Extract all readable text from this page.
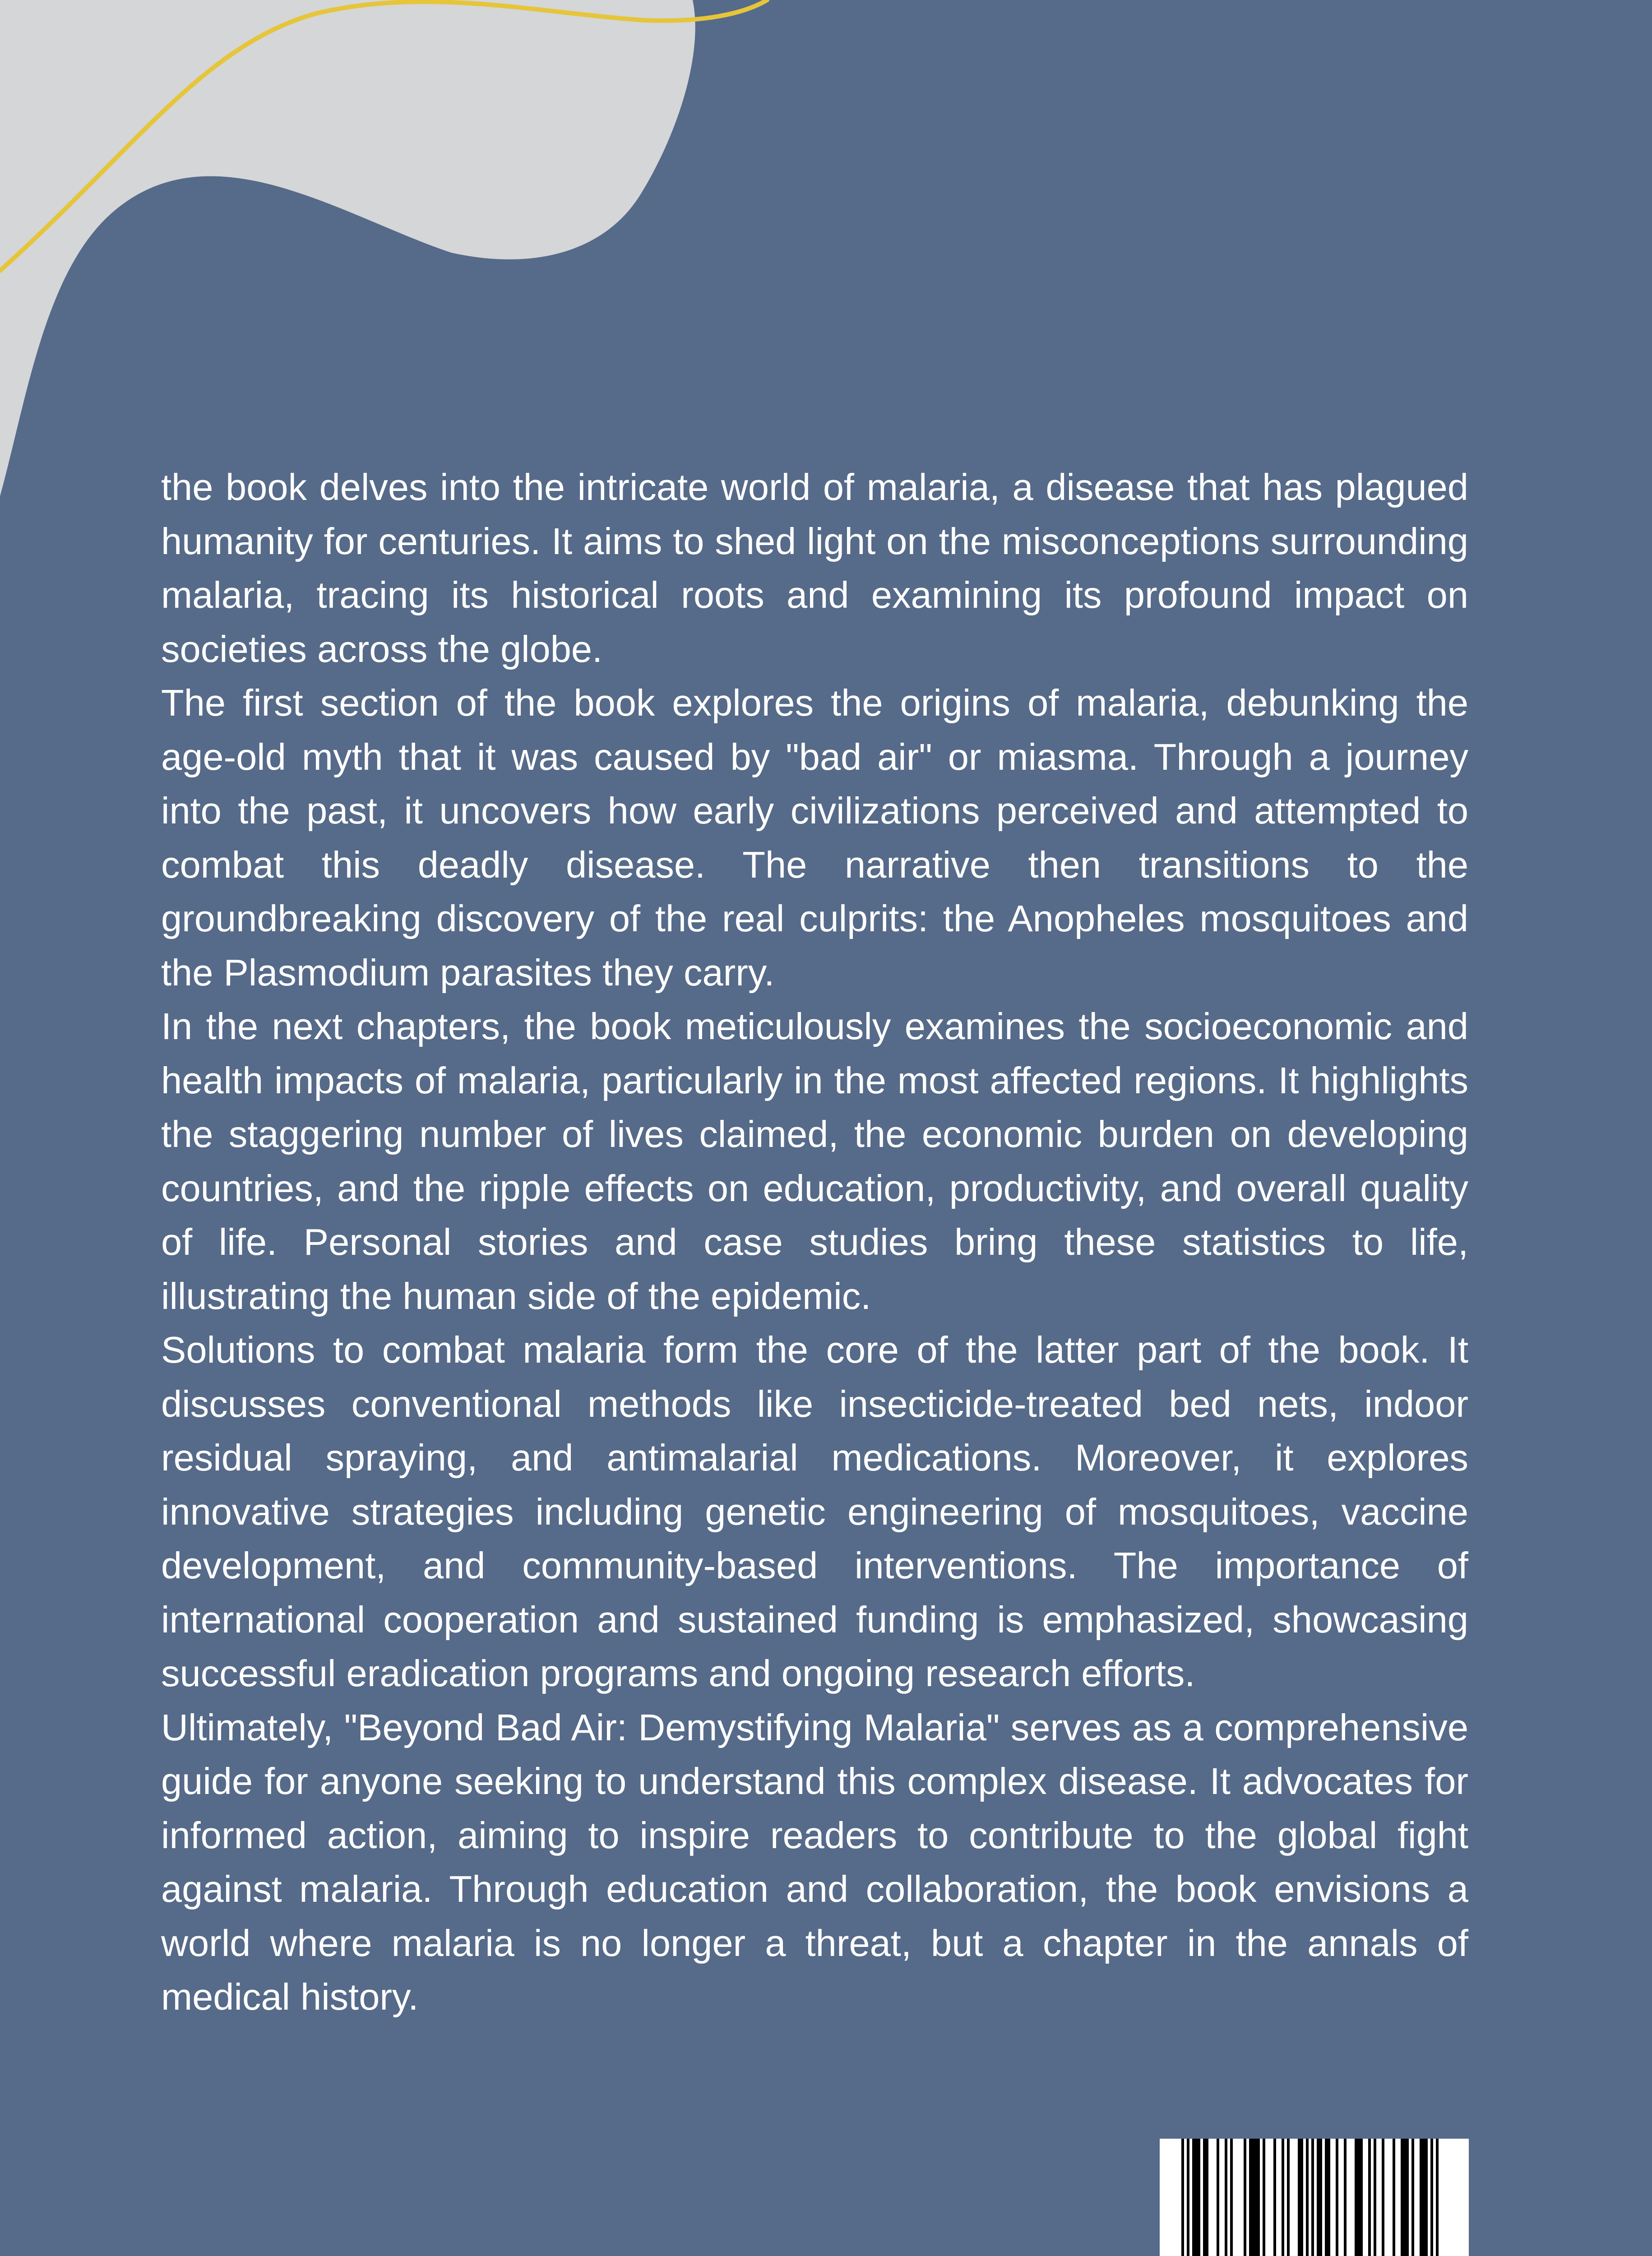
the book delves into the intricate world of malaria, a disease that has plagued humanity for centuries. It aims to shed light on the misconceptions surrounding malaria, tracing its historical roots and examining its profound impact on societies across the globe.

The first section of the book explores the origins of malaria, debunking the age-old myth that it was caused by "bad air" or miasma. Through a journey into the past, it uncovers how early civilizations perceived and attempted to combat this deadly disease. The narrative then transitions to the groundbreaking discovery of the real culprits: the Anopheles mosquitoes and the Plasmodium parasites they carry.

In the next chapters, the book meticulously examines the socioeconomic and health impacts of malaria, particularly in the most affected regions. It highlights the staggering number of lives claimed, the economic burden on developing countries, and the ripple effects on education, productivity, and overall quality of life. Personal stories and case studies bring these statistics to life, illustrating the human side of the epidemic.

Solutions to combat malaria form the core of the latter part of the book. It discusses conventional methods like insecticide-treated bed nets, indoor residual spraying, and antimalarial medications. Moreover, it explores innovative strategies including genetic engineering of mosquitoes, vaccine development, and community-based interventions. The importance of international cooperation and sustained funding is emphasized, showcasing successful eradication programs and ongoing research efforts.

Ultimately, "Beyond Bad Air: Demystifying Malaria" serves as a comprehensive guide for anyone seeking to understand this complex disease. It advocates for informed action, aiming to inspire readers to contribute to the global fight against malaria. Through education and collaboration, the book envisions a world where malaria is no longer a threat, but a chapter in the annals of medical history.
